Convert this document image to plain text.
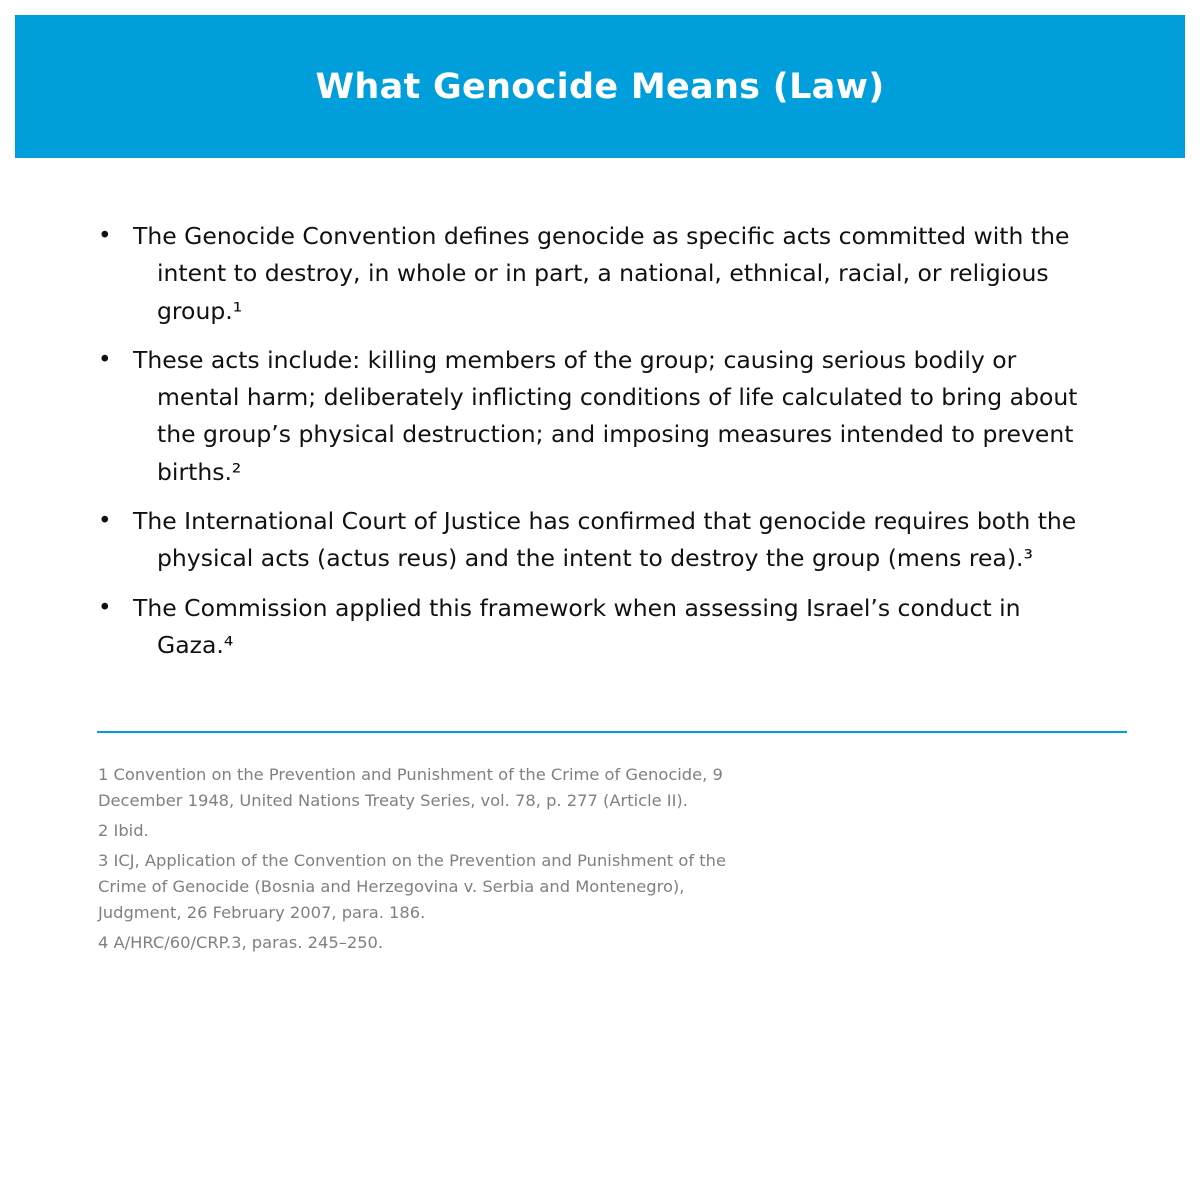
What Genocide Means (Law)
• The Genocide Convention defines genocide as specific acts committed with the intent to destroy, in whole or in part, a national, ethnical, racial, or religious group.¹
• These acts include: killing members of the group; causing serious bodily or mental harm; deliberately inflicting conditions of life calculated to bring about the group’s physical destruction; and imposing measures intended to prevent births.²
• The International Court of Justice has confirmed that genocide requires both the physical acts (actus reus) and the intent to destroy the group (mens rea).³
• The Commission applied this framework when assessing Israel’s conduct in Gaza.⁴
1 Convention on the Prevention and Punishment of the Crime of Genocide, 9 December 1948, United Nations Treaty Series, vol. 78, p. 277 (Article II).
2 Ibid.
3 ICJ, Application of the Convention on the Prevention and Punishment of the Crime of Genocide (Bosnia and Herzegovina v. Serbia and Montenegro), Judgment, 26 February 2007, para. 186.
4 A/HRC/60/CRP.3, paras. 245–250.
